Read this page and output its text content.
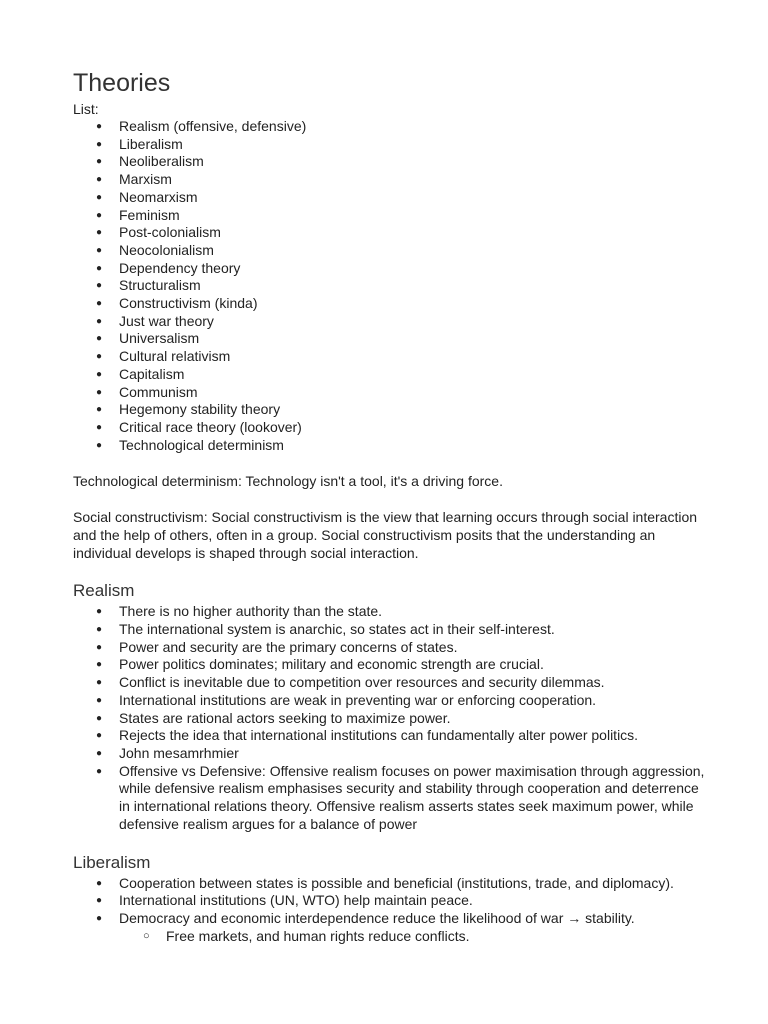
Theories

List:

● Realism (offensive, defensive)
● Liberalism
● Neoliberalism
● Marxism
● Neomarxism
● Feminism
● Post-colonialism
● Neocolonialism
● Dependency theory
● Structuralism
● Constructivism (kinda)
● Just war theory
● Universalism
● Cultural relativism
● Capitalism
● Communism
● Hegemony stability theory
● Critical race theory (lookover)
● Technological determinism

Technological determinism: Technology isn't a tool, it's a driving force.

Social constructivism: Social constructivism is the view that learning occurs through social interaction and the help of others, often in a group. Social constructivism posits that the understanding an individual develops is shaped through social interaction.

Realism
● There is no higher authority than the state.
● The international system is anarchic, so states act in their self-interest.
● Power and security are the primary concerns of states.
● Power politics dominates; military and economic strength are crucial.
● Conflict is inevitable due to competition over resources and security dilemmas.
● International institutions are weak in preventing war or enforcing cooperation.
● States are rational actors seeking to maximize power.
● Rejects the idea that international institutions can fundamentally alter power politics.
● John mesamrhmier
● Offensive vs Defensive: Offensive realism focuses on power maximisation through aggression, while defensive realism emphasises security and stability through cooperation and deterrence in international relations theory. Offensive realism asserts states seek maximum power, while defensive realism argues for a balance of power
Liberalism
● Cooperation between states is possible and beneficial (institutions, trade, and diplomacy).
● International institutions (UN, WTO) help maintain peace.
● Democracy and economic interdependence reduce the likelihood of war → stability.
○ Free markets, and human rights reduce conflicts.
